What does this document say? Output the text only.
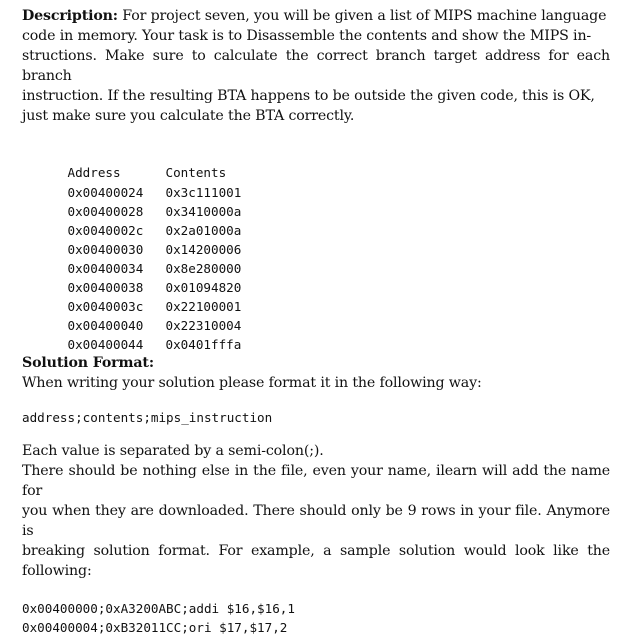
Description: For project seven, you will be given a list of MIPS machine language

code in memory. Your task is to Disassemble the contents and show the MIPS in-

structions. Make sure to calculate the correct branch target address for each branch

instruction. If the resulting BTA happens to be outside the given code, this is OK,

just make sure you calculate the BTA correctly.

Address	Contents

0x00400024 0x3c111001

0x00400028 0x3410000a

0x0040002c 0x2a01000a

0x00400030 0x14200006

0x00400034 0x8e280000

0x00400038 0x01094820

0x0040003c 0x22100001

0x00400040 0x22310004

0x00400044 0x0401fffa

Solution Format:

When writing your solution please format it in the following way:

address;contents;mips_instruction

Each value is separated by a semi-colon(;).

There should be nothing else in the file, even your name, ilearn will add the name for

you when they are downloaded. There should only be 9 rows in your file. Anymore is

breaking solution format. For example, a sample solution would look like the following:

0x00400000;0xA3200ABC;addi $16,$16,1
0x00400004;0xB32011CC;ori $17,$17,2
